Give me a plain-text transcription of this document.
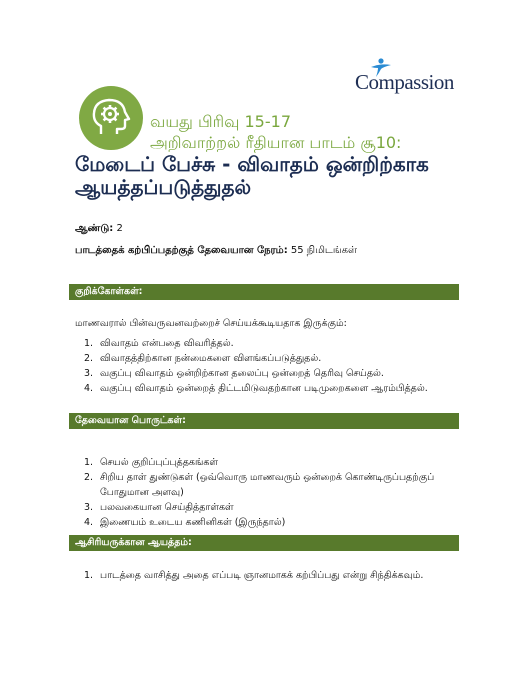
Compassion
வயது பிரிவு 15-17
அறிவாற்றல் ரீதியான பாடம் சூ10:
மேடைப் பேச்சு - விவாதம் ஒன்றிற்காக
ஆயத்தப்படுத்துதல்
ஆண்டு: 2
பாடத்தைக் கற்பிப்பதற்குத் தேவையான நேரம்: 55 நிமிடங்கள்
குறிக்கோள்கள்:
மாணவரால் பின்வருவனவற்றைச் செய்யக்கூடியதாக இருக்கும்:
1. விவாதம் என்பதை விவரித்தல்.
2. விவாதத்திற்கான நன்மைகளை விளங்கப்படுத்துதல்.
3. வகுப்பு விவாதம் ஒன்றிற்கான தலைப்பு ஒன்றைத் தெரிவு செய்தல்.
4. வகுப்பு விவாதம் ஒன்றைத் திட்டமிடுவதற்கான படிமுறைகளை ஆரம்பித்தல்.
தேவையான பொருட்கள்:
1. செயல் குறிப்புப்புத்தகங்கள்
2. சிறிய தாள் துண்டுகள் (ஒவ்வொரு மாணவரும் ஒன்றைக் கொண்டிருப்பதற்குப்
போதுமான அளவு)
3. பலவகையான செய்தித்தாள்கள்
4. இணையம் உடைய கணினிகள் (இருந்தால்)
ஆசிரியருக்கான ஆயத்தம்:
1. பாடத்தை வாசித்து அதை எப்படி ஞானமாகக் கற்பிப்பது என்று சிந்திக்கவும்.
